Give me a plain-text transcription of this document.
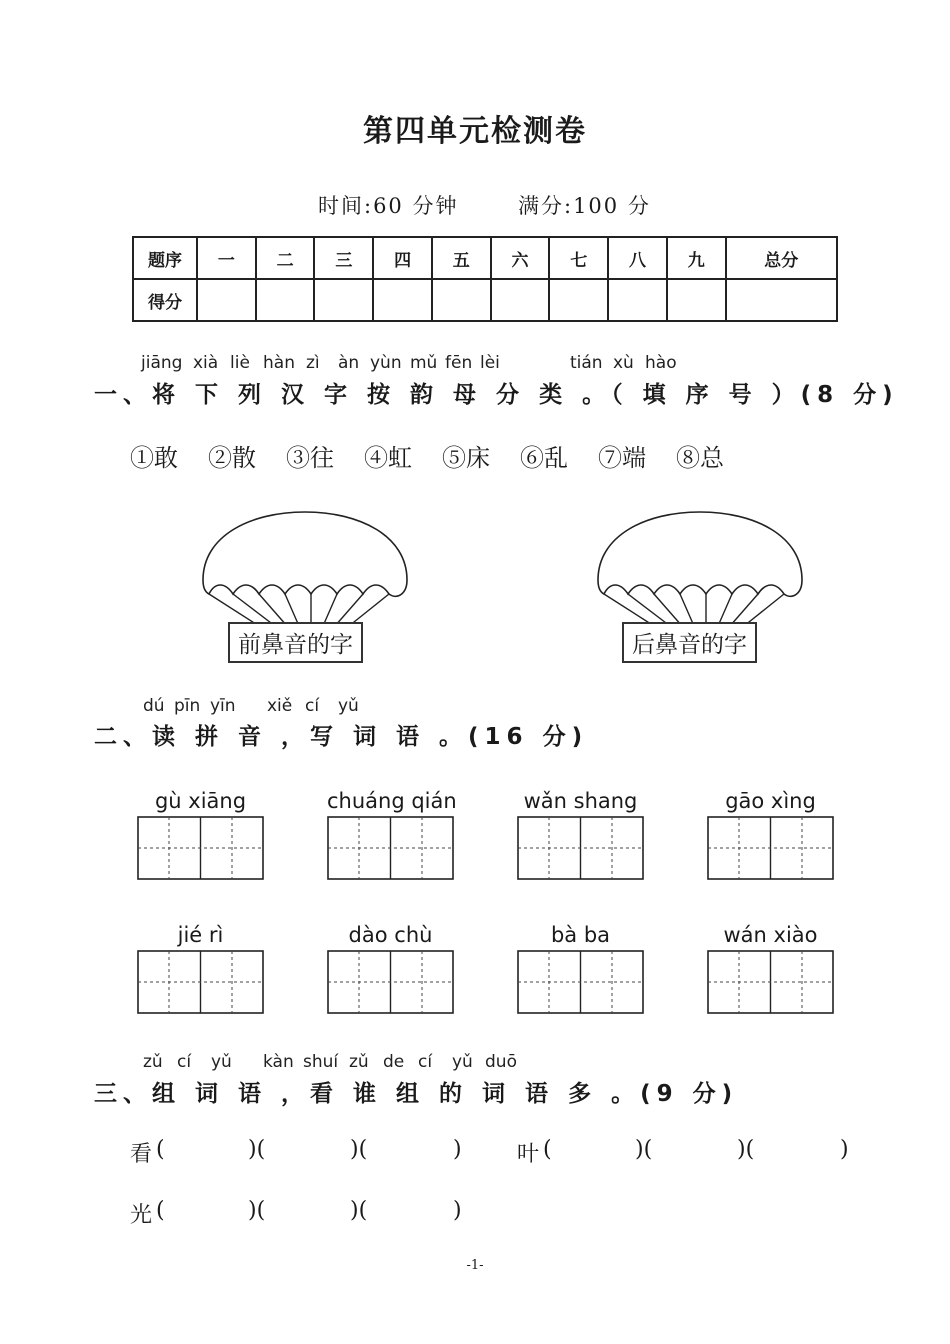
第四单元检测卷
时间:60 分钟	满分:100 分
题序	一	二	三	四	五	六	七	八	九	总分
得分										
jiāng xià liè hàn zì àn yùn mǔ fēn lèi	tián xù hào
一、将 下 列 汉 字 按 韵 母 分 类 。（ 填 序 号 ）(8 分)
①敢	②散	③往	④虹	⑤床	⑥乱	⑦端	⑧总
前鼻音的字	后鼻音的字
dú pīn yīn xiě cí yǔ
二、读 拼 音 ，写 词 语 。(16 分)
gù xiāng	chuáng qián	wǎn shang	gāo xìng
jié rì	dào chù	bà ba	wán xiào
zǔ cí yǔ kàn shuí zǔ de cí yǔ duō
三、组 词 语 ，看 谁 组 的 词 语 多 。(9 分)
看 (	)(	)(	)	叶 (	)(	)(	)
光 (	)(	)(	)
-1-
